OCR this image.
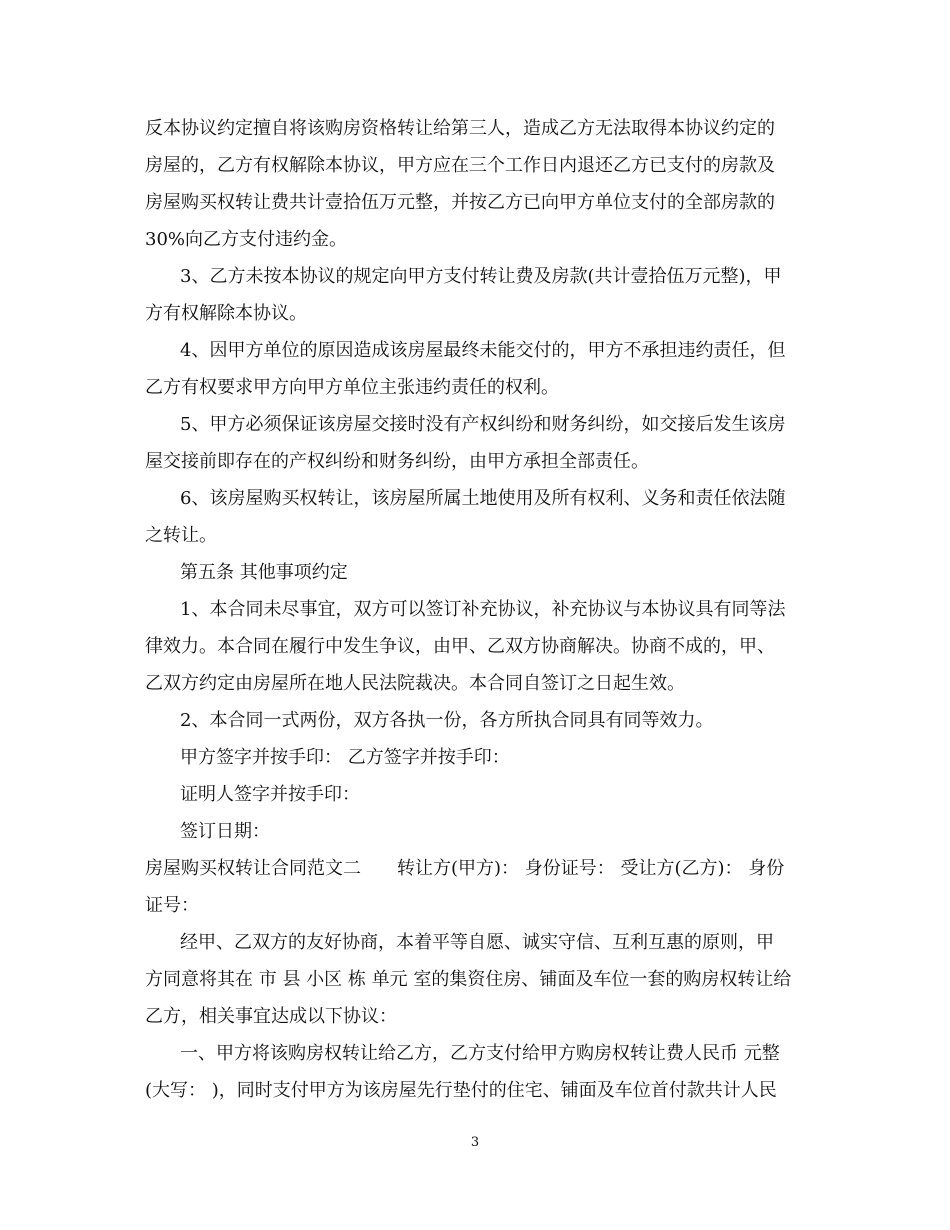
反本协议约定擅自将该购房资格转让给第三人，造成乙方无法取得本协议约定的
房屋的，乙方有权解除本协议，甲方应在三个工作日内退还乙方已支付的房款及
房屋购买权转让费共计壹拾伍万元整，并按乙方已向甲方单位支付的全部房款的
30%向乙方支付违约金。
3、乙方未按本协议的规定向甲方支付转让费及房款(共计壹拾伍万元整)，甲
方有权解除本协议。
4、因甲方单位的原因造成该房屋最终未能交付的，甲方不承担违约责任，但
乙方有权要求甲方向甲方单位主张违约责任的权利。
5、甲方必须保证该房屋交接时没有产权纠纷和财务纠纷，如交接后发生该房
屋交接前即存在的产权纠纷和财务纠纷，由甲方承担全部责任。
6、该房屋购买权转让，该房屋所属土地使用及所有权利、义务和责任依法随
之转让。
第五条 其他事项约定
1、本合同未尽事宜，双方可以签订补充协议，补充协议与本协议具有同等法
律效力。本合同在履行中发生争议，由甲、乙双方协商解决。协商不成的，甲、
乙双方约定由房屋所在地人民法院裁决。本合同自签订之日起生效。
2、本合同一式两份，双方各执一份，各方所执合同具有同等效力。
甲方签字并按手印： 乙方签字并按手印：
证明人签字并按手印：
签订日期：
房屋购买权转让合同范文二　　转让方(甲方)： 身份证号： 受让方(乙方)： 身份
证号：
经甲、乙双方的友好协商，本着平等自愿、诚实守信、互利互惠的原则，甲
方同意将其在 市 县 小区 栋 单元 室的集资住房、铺面及车位一套的购房权转让给
乙方，相关事宜达成以下协议：
一、甲方将该购房权转让给乙方，乙方支付给甲方购房权转让费人民币 元整
(大写： )，同时支付甲方为该房屋先行垫付的住宅、铺面及车位首付款共计人民
3
